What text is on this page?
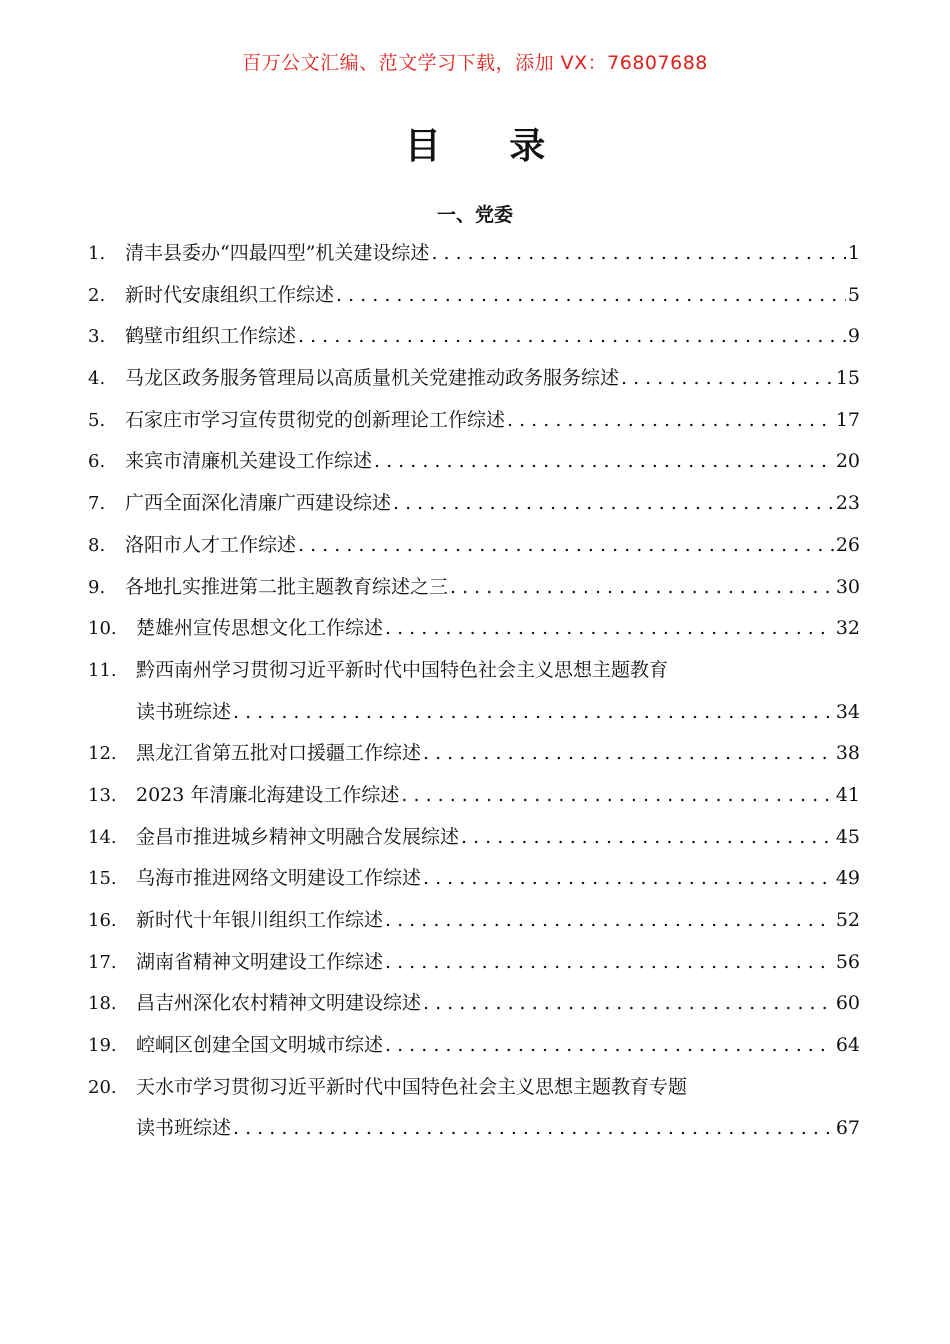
百万公文汇编、范文学习下载，添加 VX：76807688
目 录
一、党委
1.	清丰县委办“四最四型”机关建设综述 . . .	1
2.	新时代安康组织工作综述 . . .	5
3.	鹤壁市组织工作综述 . . .	9
4.	马龙区政务服务管理局以高质量机关党建推动政务服务综述 . . .	15
5.	石家庄市学习宣传贯彻党的创新理论工作综述 . . .	17
6.	来宾市清廉机关建设工作综述 . . .	20
7.	广西全面深化清廉广西建设综述 . . .	23
8.	洛阳市人才工作综述 . . .	26
9.	各地扎实推进第二批主题教育综述之三 . . .	30
10.	楚雄州宣传思想文化工作综述 . . .	32
11.	黔西南州学习贯彻习近平新时代中国特色社会主义思想主题教育
读书班综述 . . .	34
12.	黑龙江省第五批对口援疆工作综述 . . .	38
13.	2023 年清廉北海建设工作综述 . . .	41
14.	金昌市推进城乡精神文明融合发展综述 . . .	45
15.	乌海市推进网络文明建设工作综述 . . .	49
16.	新时代十年银川组织工作综述 . . .	52
17.	湖南省精神文明建设工作综述 . . .	56
18.	昌吉州深化农村精神文明建设综述 . . .	60
19.	崆峒区创建全国文明城市综述 . . .	64
20.	天水市学习贯彻习近平新时代中国特色社会主义思想主题教育专题
读书班综述 . . .	67
